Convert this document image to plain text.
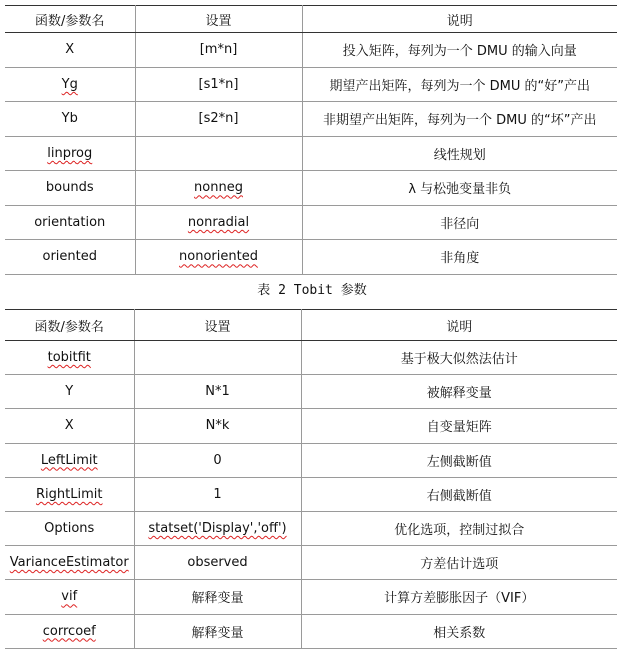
函数/参数名	设置	说明
X	[m*n]	投入矩阵，每列为一个 DMU 的输入向量
Yg	[s1*n]	期望产出矩阵，每列为一个 DMU 的“好”产出
Yb	[s2*n]	非期望产出矩阵，每列为一个 DMU 的“坏”产出
linprog		线性规划
bounds	nonneg	λ 与松弛变量非负
orientation	nonradial	非径向
oriented	nonoriented	非角度
表 2 Tobit 参数
函数/参数名	设置	说明
tobitfit		基于极大似然法估计
Y	N*1	被解释变量
X	N*k	自变量矩阵
LeftLimit	0	左侧截断值
RightLimit	1	右侧截断值
Options	statset('Display','off')	优化选项，控制过拟合
VarianceEstimator	observed	方差估计选项
vif	解释变量	计算方差膨胀因子（VIF）
corrcoef	解释变量	相关系数
